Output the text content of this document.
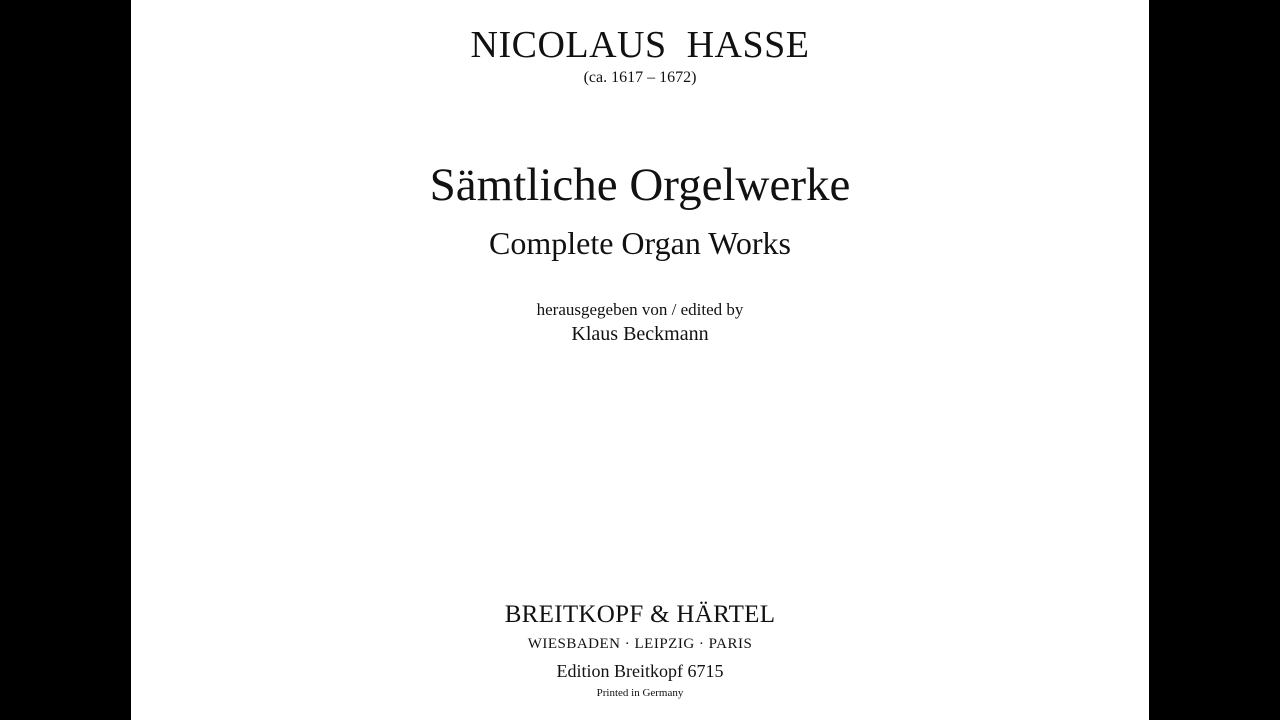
NICOLAUS  HASSE
(ca. 1617 – 1672)
Sämtliche Orgelwerke
Complete Organ Works
herausgegeben von / edited by
Klaus Beckmann
BREITKOPF & HÄRTEL
WIESBADEN · LEIPZIG · PARIS
Edition Breitkopf 6715
Printed in Germany
